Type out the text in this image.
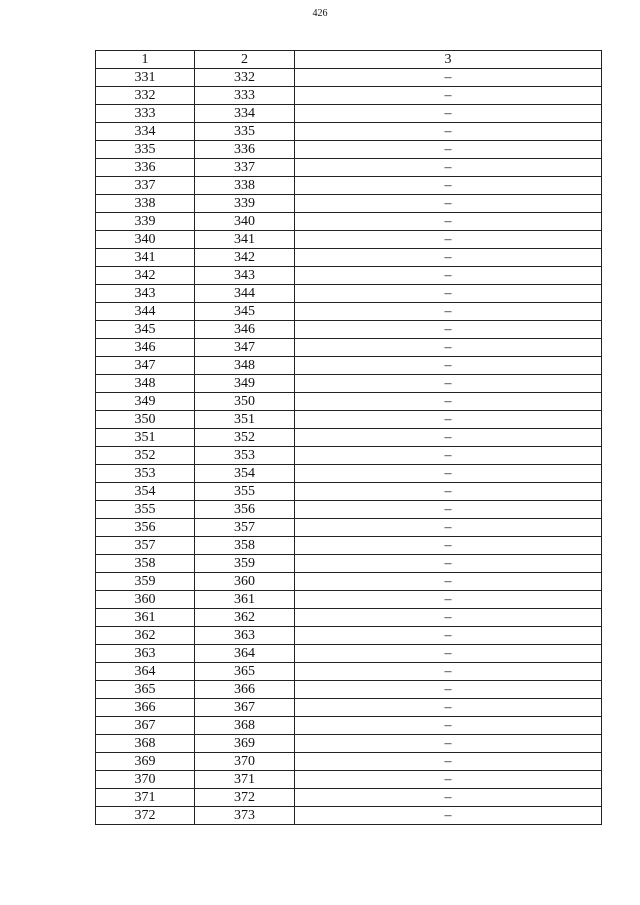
426
1	2	3
331	332	–
332	333	–
333	334	–
334	335	–
335	336	–
336	337	–
337	338	–
338	339	–
339	340	–
340	341	–
341	342	–
342	343	–
343	344	–
344	345	–
345	346	–
346	347	–
347	348	–
348	349	–
349	350	–
350	351	–
351	352	–
352	353	–
353	354	–
354	355	–
355	356	–
356	357	–
357	358	–
358	359	–
359	360	–
360	361	–
361	362	–
362	363	–
363	364	–
364	365	–
365	366	–
366	367	–
367	368	–
368	369	–
369	370	–
370	371	–
371	372	–
372	373	–
